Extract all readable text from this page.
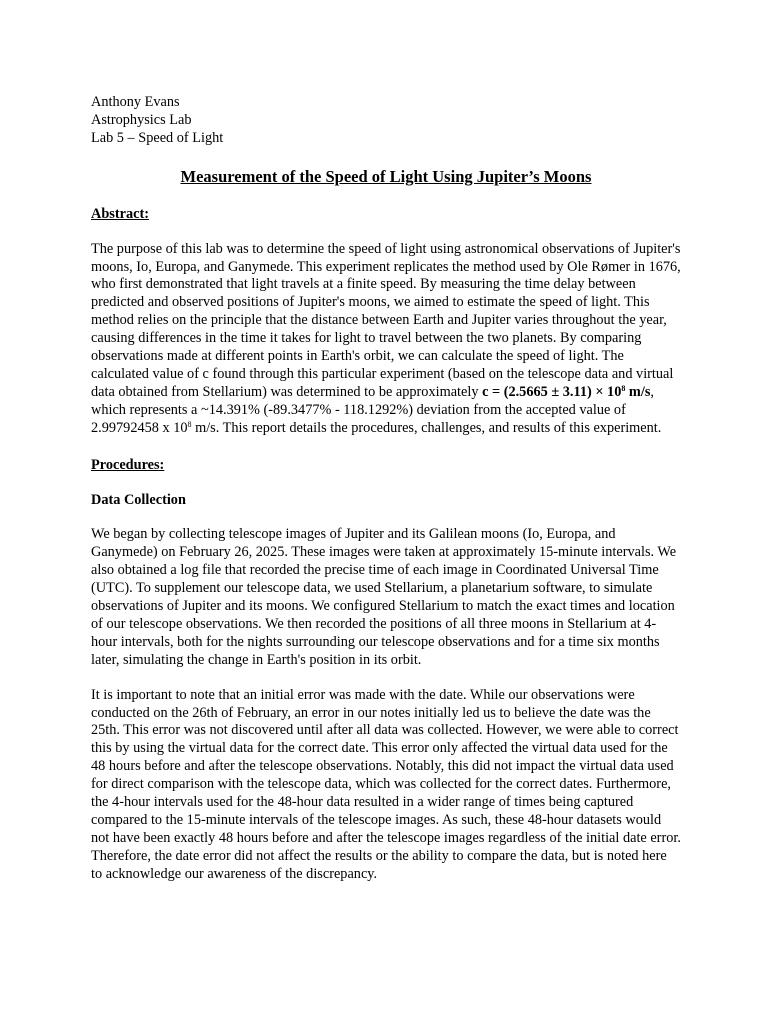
Anthony Evans
Astrophysics Lab
Lab 5 – Speed of Light
Measurement of the Speed of Light Using Jupiter’s Moons
Abstract:

The purpose of this lab was to determine the speed of light using astronomical observations of Jupiter's moons, Io, Europa, and Ganymede. This experiment replicates the method used by Ole Rømer in 1676, who first demonstrated that light travels at a finite speed. By measuring the time delay between predicted and observed positions of Jupiter's moons, we aimed to estimate the speed of light. This method relies on the principle that the distance between Earth and Jupiter varies throughout the year, causing differences in the time it takes for light to travel between the two planets. By comparing observations made at different points in Earth's orbit, we can calculate the speed of light. The calculated value of c found through this particular experiment (based on the telescope data and virtual data obtained from Stellarium) was determined to be approximately $c = (2.5665 \pm 3.11) \times 10^8$ m/s, which represents a ~14.391% (-89.3477% - 118.1292%) deviation from the accepted value of 2.99792458 x $10^8$ m/s. This report details the procedures, challenges, and results of this experiment.

Procedures:
Data Collection

We began by collecting telescope images of Jupiter and its Galilean moons (Io, Europa, and Ganymede) on February 26, 2025. These images were taken at approximately 15-minute intervals. We also obtained a log file that recorded the precise time of each image in Coordinated Universal Time (UTC). To supplement our telescope data, we used Stellarium, a planetarium software, to simulate observations of Jupiter and its moons. We configured Stellarium to match the exact times and location of our telescope observations. We then recorded the positions of all three moons in Stellarium at 4-hour intervals, both for the nights surrounding our telescope observations and for a time six months later, simulating the change in Earth's position in its orbit.

It is important to note that an initial error was made with the date. While our observations were conducted on the 26th of February, an error in our notes initially led us to believe the date was the 25th. This error was not discovered until after all data was collected. However, we were able to correct this by using the virtual data for the correct date. This error only affected the virtual data used for the 48 hours before and after the telescope observations. Notably, this did not impact the virtual data used for direct comparison with the telescope data, which was collected for the correct dates. Furthermore, the 4-hour intervals used for the 48-hour data resulted in a wider range of times being captured compared to the 15-minute intervals of the telescope images. As such, these 48-hour datasets would not have been exactly 48 hours before and after the telescope images regardless of the initial date error. Therefore, the date error did not affect the results or the ability to compare the data, but is noted here to acknowledge our awareness of the discrepancy.
